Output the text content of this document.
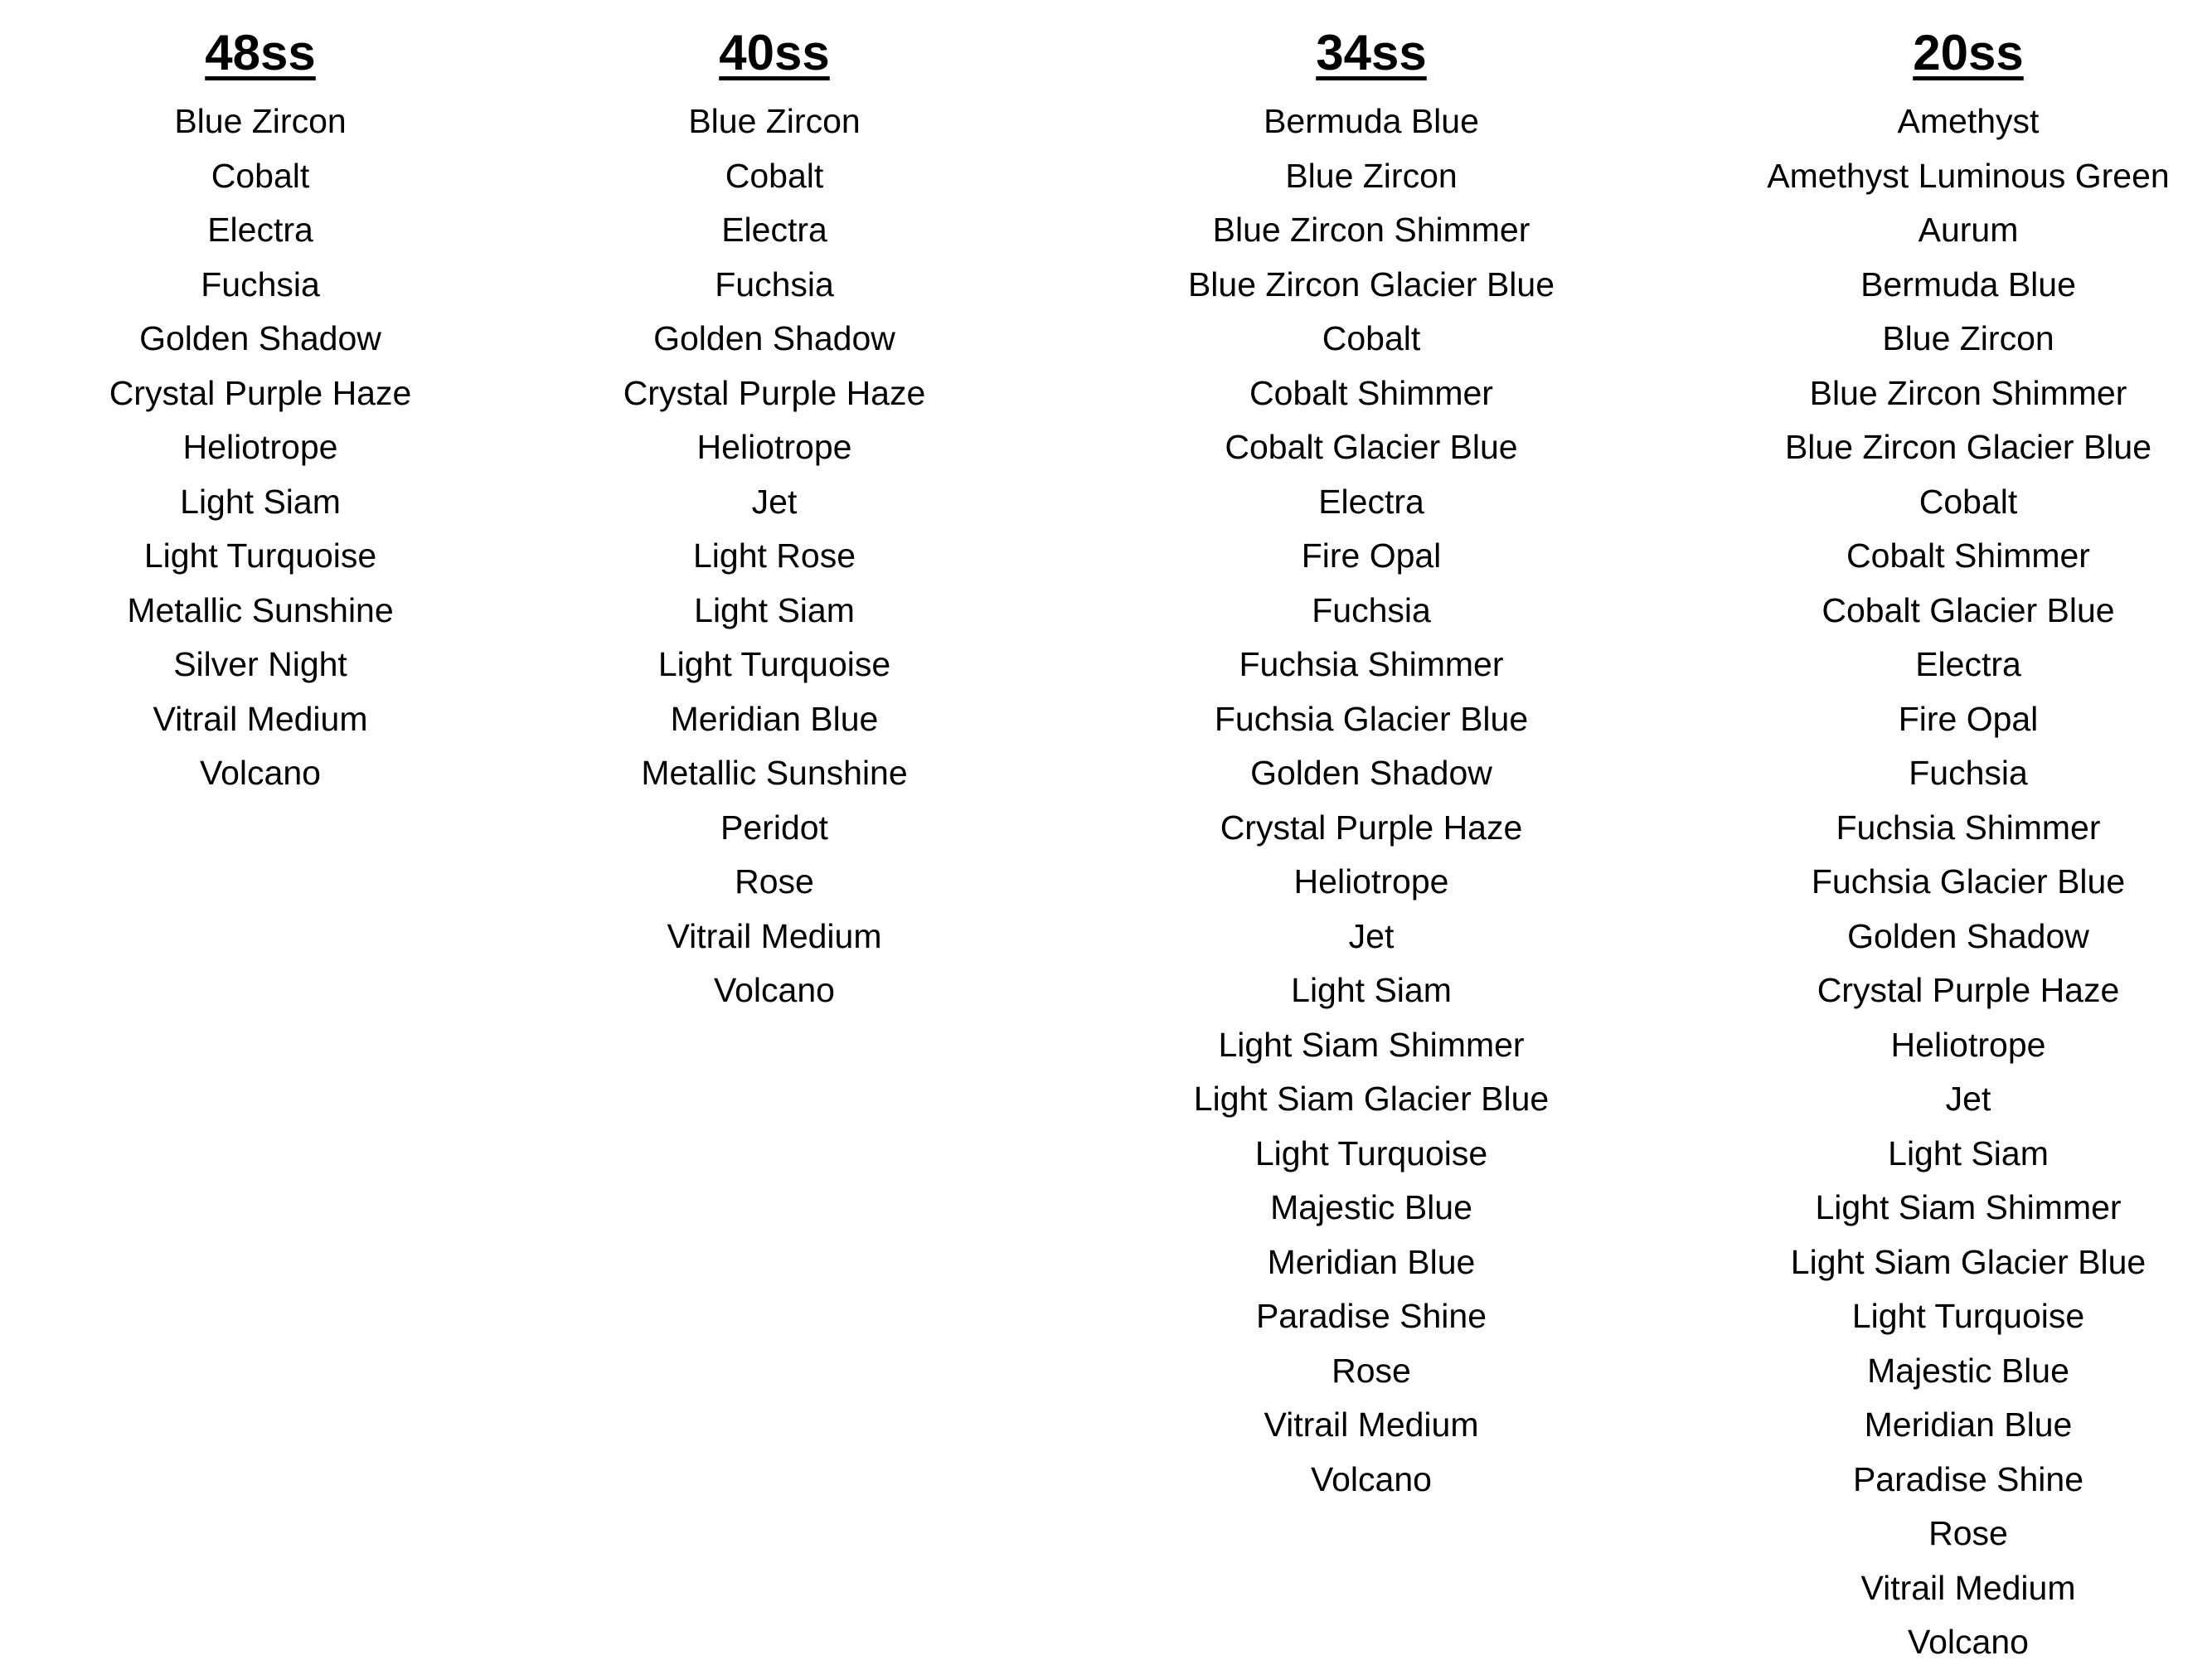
48ss
Blue Zircon
Cobalt
Electra
Fuchsia
Golden Shadow
Crystal Purple Haze
Heliotrope
Light Siam
Light Turquoise
Metallic Sunshine
Silver Night
Vitrail Medium
Volcano
40ss
Blue Zircon
Cobalt
Electra
Fuchsia
Golden Shadow
Crystal Purple Haze
Heliotrope
Jet
Light Rose
Light Siam
Light Turquoise
Meridian Blue
Metallic Sunshine
Peridot
Rose
Vitrail Medium
Volcano
34ss
Bermuda Blue
Blue Zircon
Blue Zircon Shimmer
Blue Zircon Glacier Blue
Cobalt
Cobalt Shimmer
Cobalt Glacier Blue
Electra
Fire Opal
Fuchsia
Fuchsia Shimmer
Fuchsia Glacier Blue
Golden Shadow
Crystal Purple Haze
Heliotrope
Jet
Light Siam
Light Siam Shimmer
Light Siam Glacier Blue
Light Turquoise
Majestic Blue
Meridian Blue
Paradise Shine
Rose
Vitrail Medium
Volcano
20ss
Amethyst
Amethyst Luminous Green
Aurum
Bermuda Blue
Blue Zircon
Blue Zircon Shimmer
Blue Zircon Glacier Blue
Cobalt
Cobalt Shimmer
Cobalt Glacier Blue
Electra
Fire Opal
Fuchsia
Fuchsia Shimmer
Fuchsia Glacier Blue
Golden Shadow
Crystal Purple Haze
Heliotrope
Jet
Light Siam
Light Siam Shimmer
Light Siam Glacier Blue
Light Turquoise
Majestic Blue
Meridian Blue
Paradise Shine
Rose
Vitrail Medium
Volcano
